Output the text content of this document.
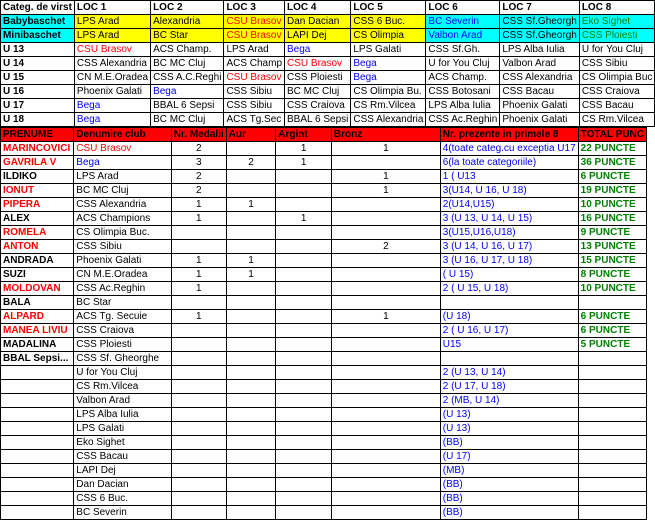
Categ. de virst	LOC 1	LOC 2	LOC 3	LOC 4	LOC 5	LOC 6	LOC 7	LOC 8
Babybaschet	LPS Arad	Alexandria	CSU Brasov	Dan Dacian	CSS 6 Buc.	BC Severin	CSS Sf.Gheorgh	Eko Sighet
Minibaschet	LPS Arad	BC Star	CSU Brasov	LAPI Dej	CS Olimpia	Valbon Arad	CSS Sf.Gheorgh	CSS Ploiesti
U 13	CSU Brasov	ACS Champ.	LPS Arad	Bega	LPS Galati	CSS Sf.Gh.	LPS Alba Iulia	U for You Cluj
U 14	CSS Alexandria	BC MC Cluj	ACS Champ	CSU Brasov	Bega	U for You Cluj	Valbon Arad	CSS Sibiu
U 15	CN M.E.Oradea	CSS A.C.Reghi	CSU Brasov	CSS Ploiesti	Bega	ACS Champ.	CSS Alexandria	CS Olimpia Buc
U 16	Phoenix Galati	Bega	CSS Sibiu	BC MC Cluj	CS Olimpia Bu.	CSS Botosani	CSS Bacau	CSS Craiova
U 17	Bega	BBAL 6 Sepsi	CSS Sibiu	CSS Craiova	CS Rm.Vilcea	LPS Alba Iulia	Phoenix Galati	CSS Bacau
U 18	Bega	BC MC Cluj	ACS Tg.Sec	BBAL 6 Sepsi	CSS Alexandria	CSS Ac.Reghin	Phoenix Galati	CS Rm.Vilcea
PRENUME	Denumire club	Nr. Medalii	Aur	Argint	Bronz	Nr. prezente in primele 8	TOTAL PUNC
MARINCOVICI	CSU Brasov	2		1	1	4(toate categ.cu exceptia U17	22 PUNCTE
GAVRILA V	Bega	3	2	1		6(la toate categoriile)	36 PUNCTE
ILDIKO	LPS Arad	2			1	1 ( U13	6 PUNCTE
IONUT	BC MC Cluj	2			1	3(U14, U 16, U 18)	19 PUNCTE
PIPERA	CSS Alexandria	1	1			2(U14,U15)	10 PUNCTE
ALEX	ACS Champions	1		1		3 (U 13, U 14, U 15)	16 PUNCTE
ROMELA	CS Olimpia Buc.					3(U15,U16,U18)	9 PUNCTE
ANTON	CSS Sibiu				2	3 (U 14, U 16, U 17)	13 PUNCTE
ANDRADA	Phoenix Galati	1	1			3 (U 16, U 17, U 18)	15 PUNCTE
SUZI	CN M.E.Oradea	1	1			( U 15)	8 PUNCTE
MOLDOVAN	CSS Ac.Reghin	1				2 ( U 15, U 18)	10 PUNCTE
BALA	BC Star						
ALPARD	ACS Tg. Secuie	1			1	(U 18)	6 PUNCTE
MANEA LIVIU	CSS Craiova					2 ( U 16, U 17)	6 PUNCTE
MADALINA	CSS Ploiesti					U15	5 PUNCTE
BBAL Sepsi...	CSS Sf. Gheorghe						
	U for You Cluj					2 (U 13, U 14)	
	CS Rm.Vilcea					2 (U 17, U 18)	
	Valbon Arad					2 (MB, U 14)	
	LPS Alba Iulia					(U 13)	
	LPS Galati					(U 13)	
	Eko Sighet					(BB)	
	CSS Bacau					(U 17)	
	LAPI Dej					(MB)	
	Dan Dacian					(BB)	
	CSS 6 Buc.					(BB)	
	BC Severin					(BB)	
